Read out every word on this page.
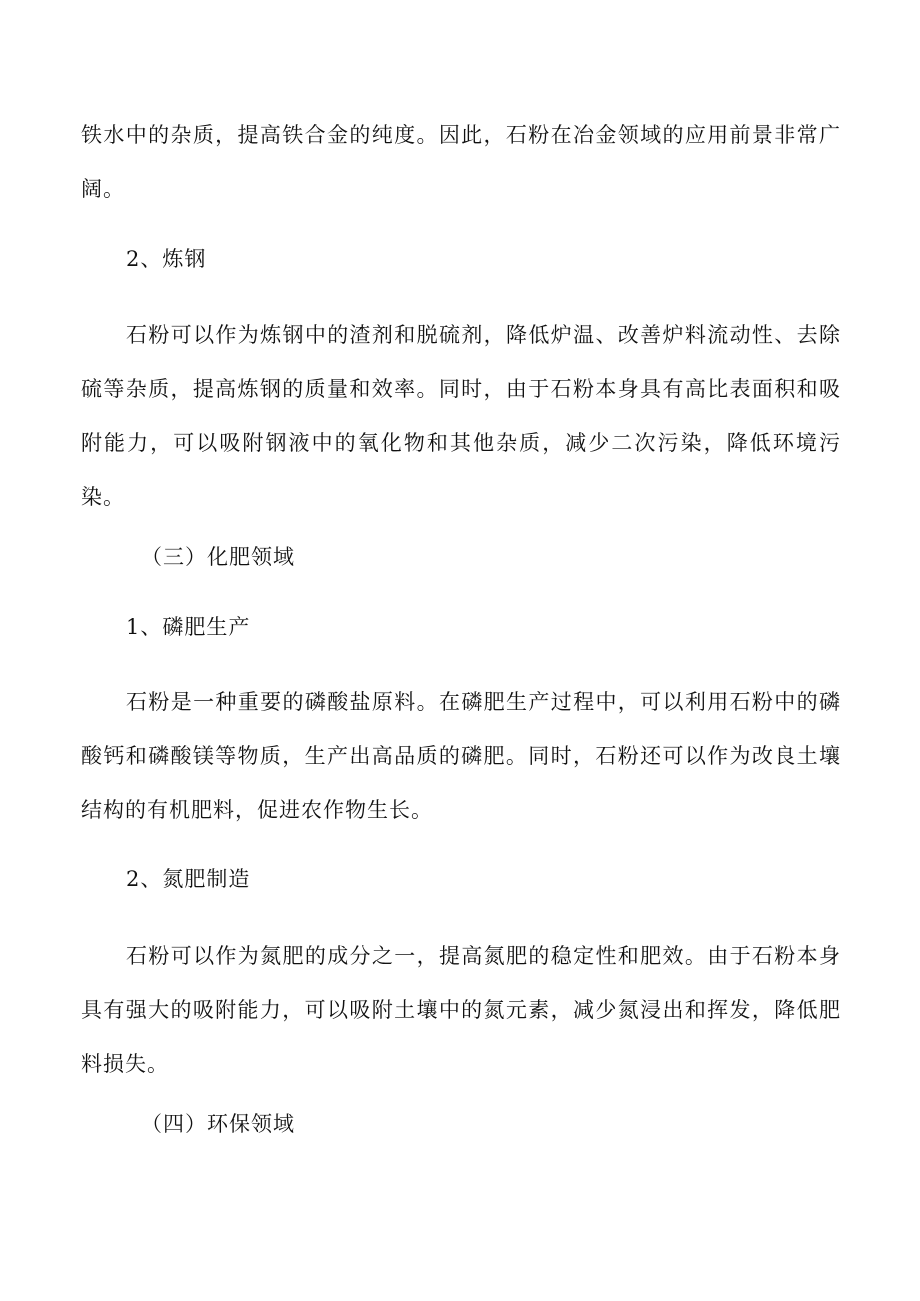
铁水中的杂质，提高铁合金的纯度。因此，石粉在冶金领域的应用前景非常广阔。

2、炼钢

石粉可以作为炼钢中的渣剂和脱硫剂，降低炉温、改善炉料流动性、去除硫等杂质，提高炼钢的质量和效率。同时，由于石粉本身具有高比表面积和吸附能力，可以吸附钢液中的氧化物和其他杂质，减少二次污染，降低环境污染。

（三）化肥领域

1、磷肥生产

石粉是一种重要的磷酸盐原料。在磷肥生产过程中，可以利用石粉中的磷酸钙和磷酸镁等物质，生产出高品质的磷肥。同时，石粉还可以作为改良土壤结构的有机肥料，促进农作物生长。

2、氮肥制造

石粉可以作为氮肥的成分之一，提高氮肥的稳定性和肥效。由于石粉本身具有强大的吸附能力，可以吸附土壤中的氮元素，减少氮浸出和挥发，降低肥料损失。

（四）环保领域
